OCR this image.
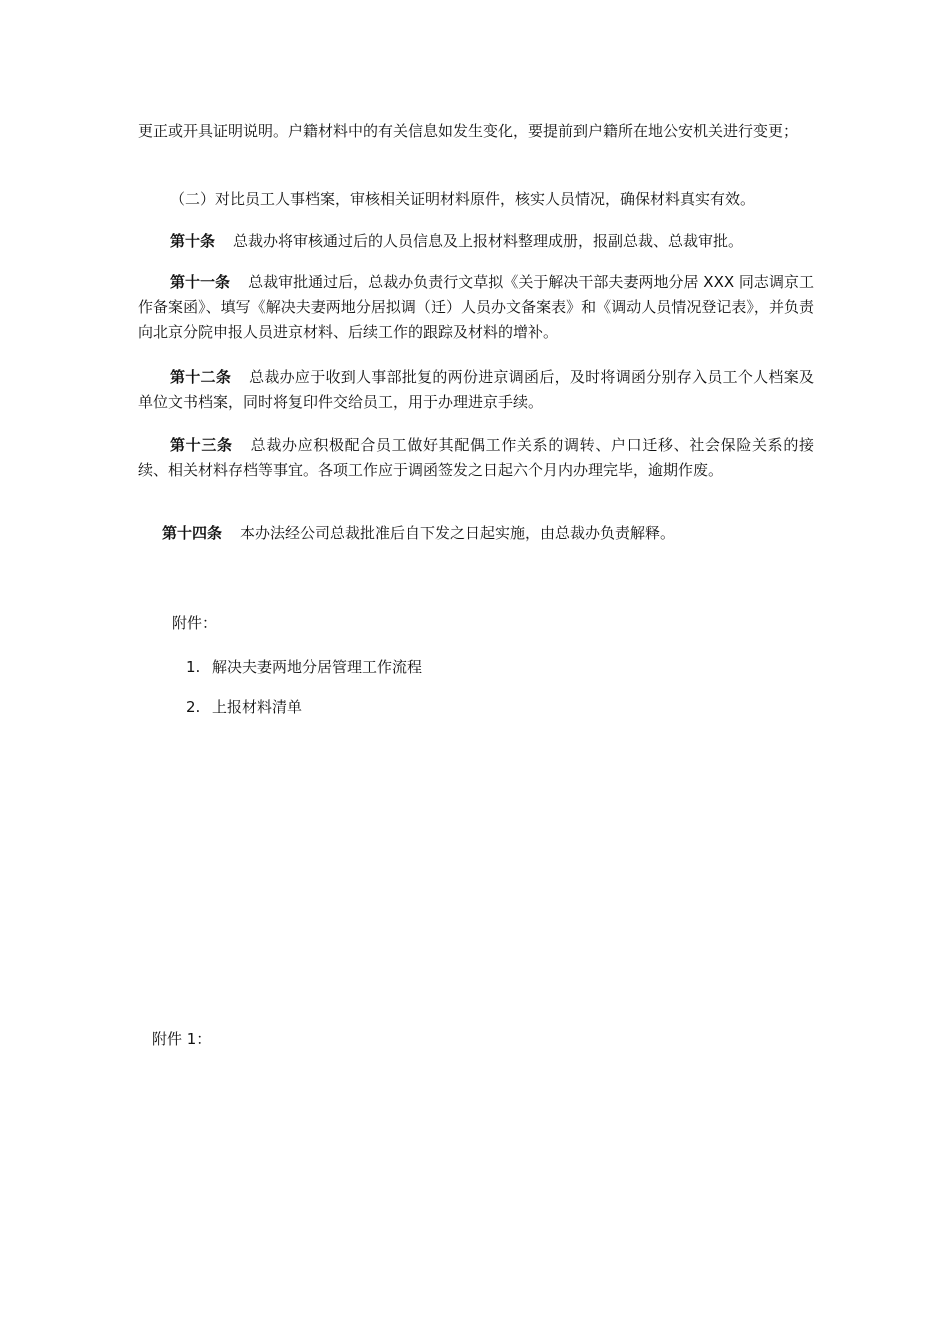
更正或开具证明说明。户籍材料中的有关信息如发生变化，要提前到户籍所在地公安机关进行变更；

（二）对比员工人事档案，审核相关证明材料原件，核实人员情况，确保材料真实有效。

第十条 总裁办将审核通过后的人员信息及上报材料整理成册，报副总裁、总裁审批。

第十一条 总裁审批通过后，总裁办负责行文草拟《关于解决干部夫妻两地分居 XXX 同志调京工作备案函》、填写《解决夫妻两地分居拟调（迁）人员办文备案表》和《调动人员情况登记表》，并负责向北京分院申报人员进京材料、后续工作的跟踪及材料的增补。

第十二条 总裁办应于收到人事部批复的两份进京调函后，及时将调函分别存入员工个人档案及单位文书档案，同时将复印件交给员工，用于办理进京手续。

第十三条 总裁办应积极配合员工做好其配偶工作关系的调转、户口迁移、社会保险关系的接续、相关材料存档等事宜。各项工作应于调函签发之日起六个月内办理完毕，逾期作废。

第十四条 本办法经公司总裁批准后自下发之日起实施，由总裁办负责解释。

附件：

1. 解决夫妻两地分居管理工作流程

2. 上报材料清单

附件 1：
